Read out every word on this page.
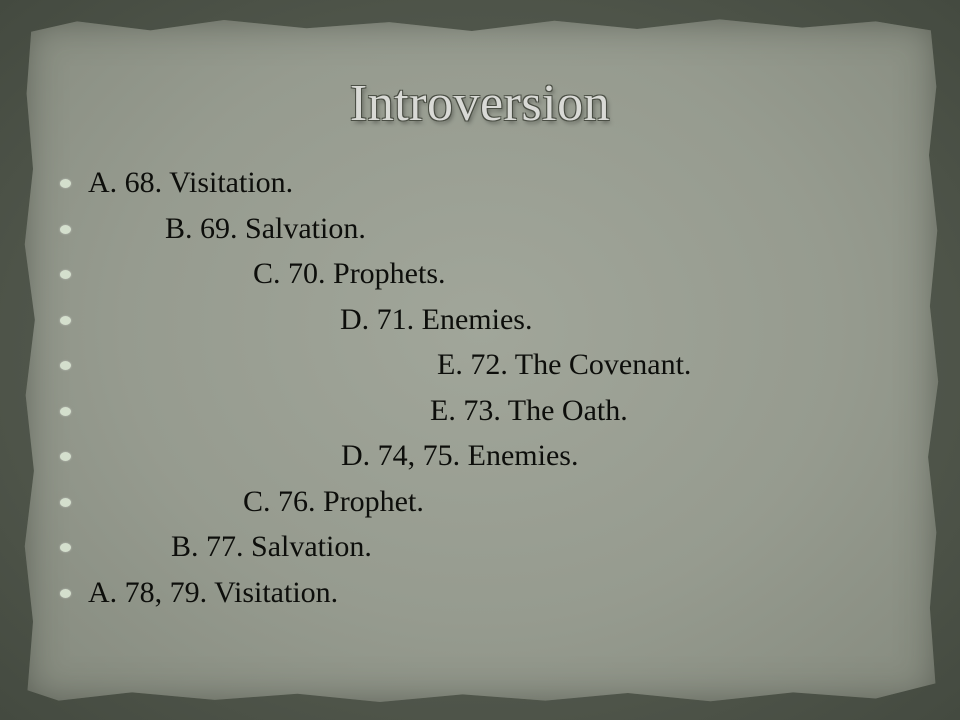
Introversion
A. 68. Visitation.
B. 69. Salvation.
C. 70. Prophets.
D. 71. Enemies.
E. 72. The Covenant.
E. 73. The Oath.
D. 74, 75. Enemies.
C. 76. Prophet.
B. 77. Salvation.
A. 78, 79. Visitation.
